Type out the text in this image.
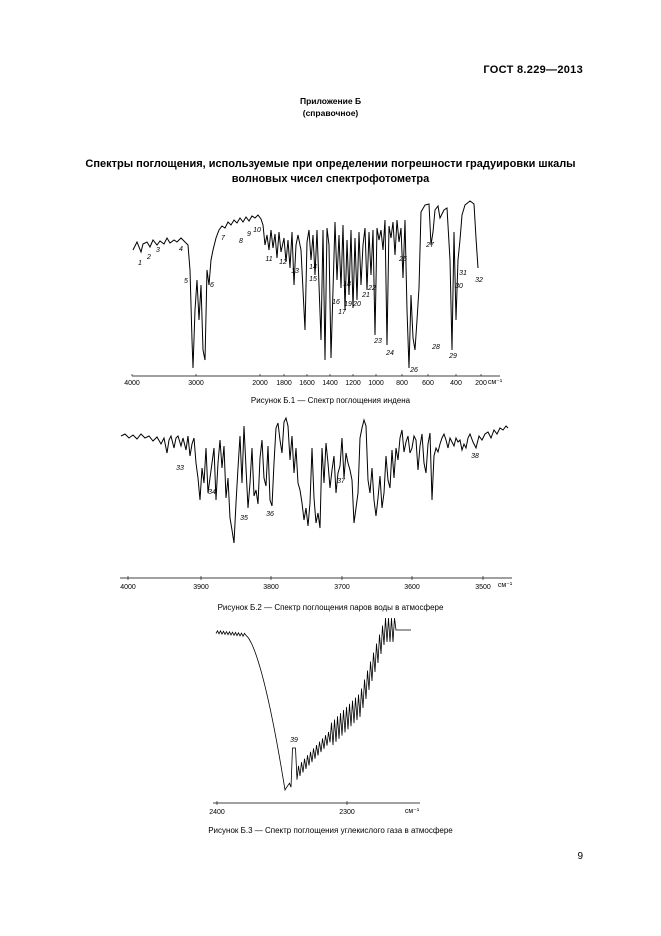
ГОСТ 8.229—2013
Приложение Б
(справочное)
Спектры поглощения, используемые при определении погрешности градуировки шкалы
волновых чисел спектрофотометра
4000	3000	2000 1800 1600 1400 1200 1000 800 600 400 200 см⁻¹
1
2
3	4
5
6
7 8
9
10
11 12
13
14
15
16
17
18
19 20
21
22
23
24
25
26
27
28
29
30
31
32
Рисунок Б.1 — Спектр поглощения индена
4000	3900	3800	3700	3600	3500 см⁻¹
33
34
35
36
37
38
Рисунок Б.2 — Спектр поглощения паров воды в атмосфере
2400	2300	см⁻¹
39
Рисунок Б.3 — Спектр поглощения углекислого газа в атмосфере
9
